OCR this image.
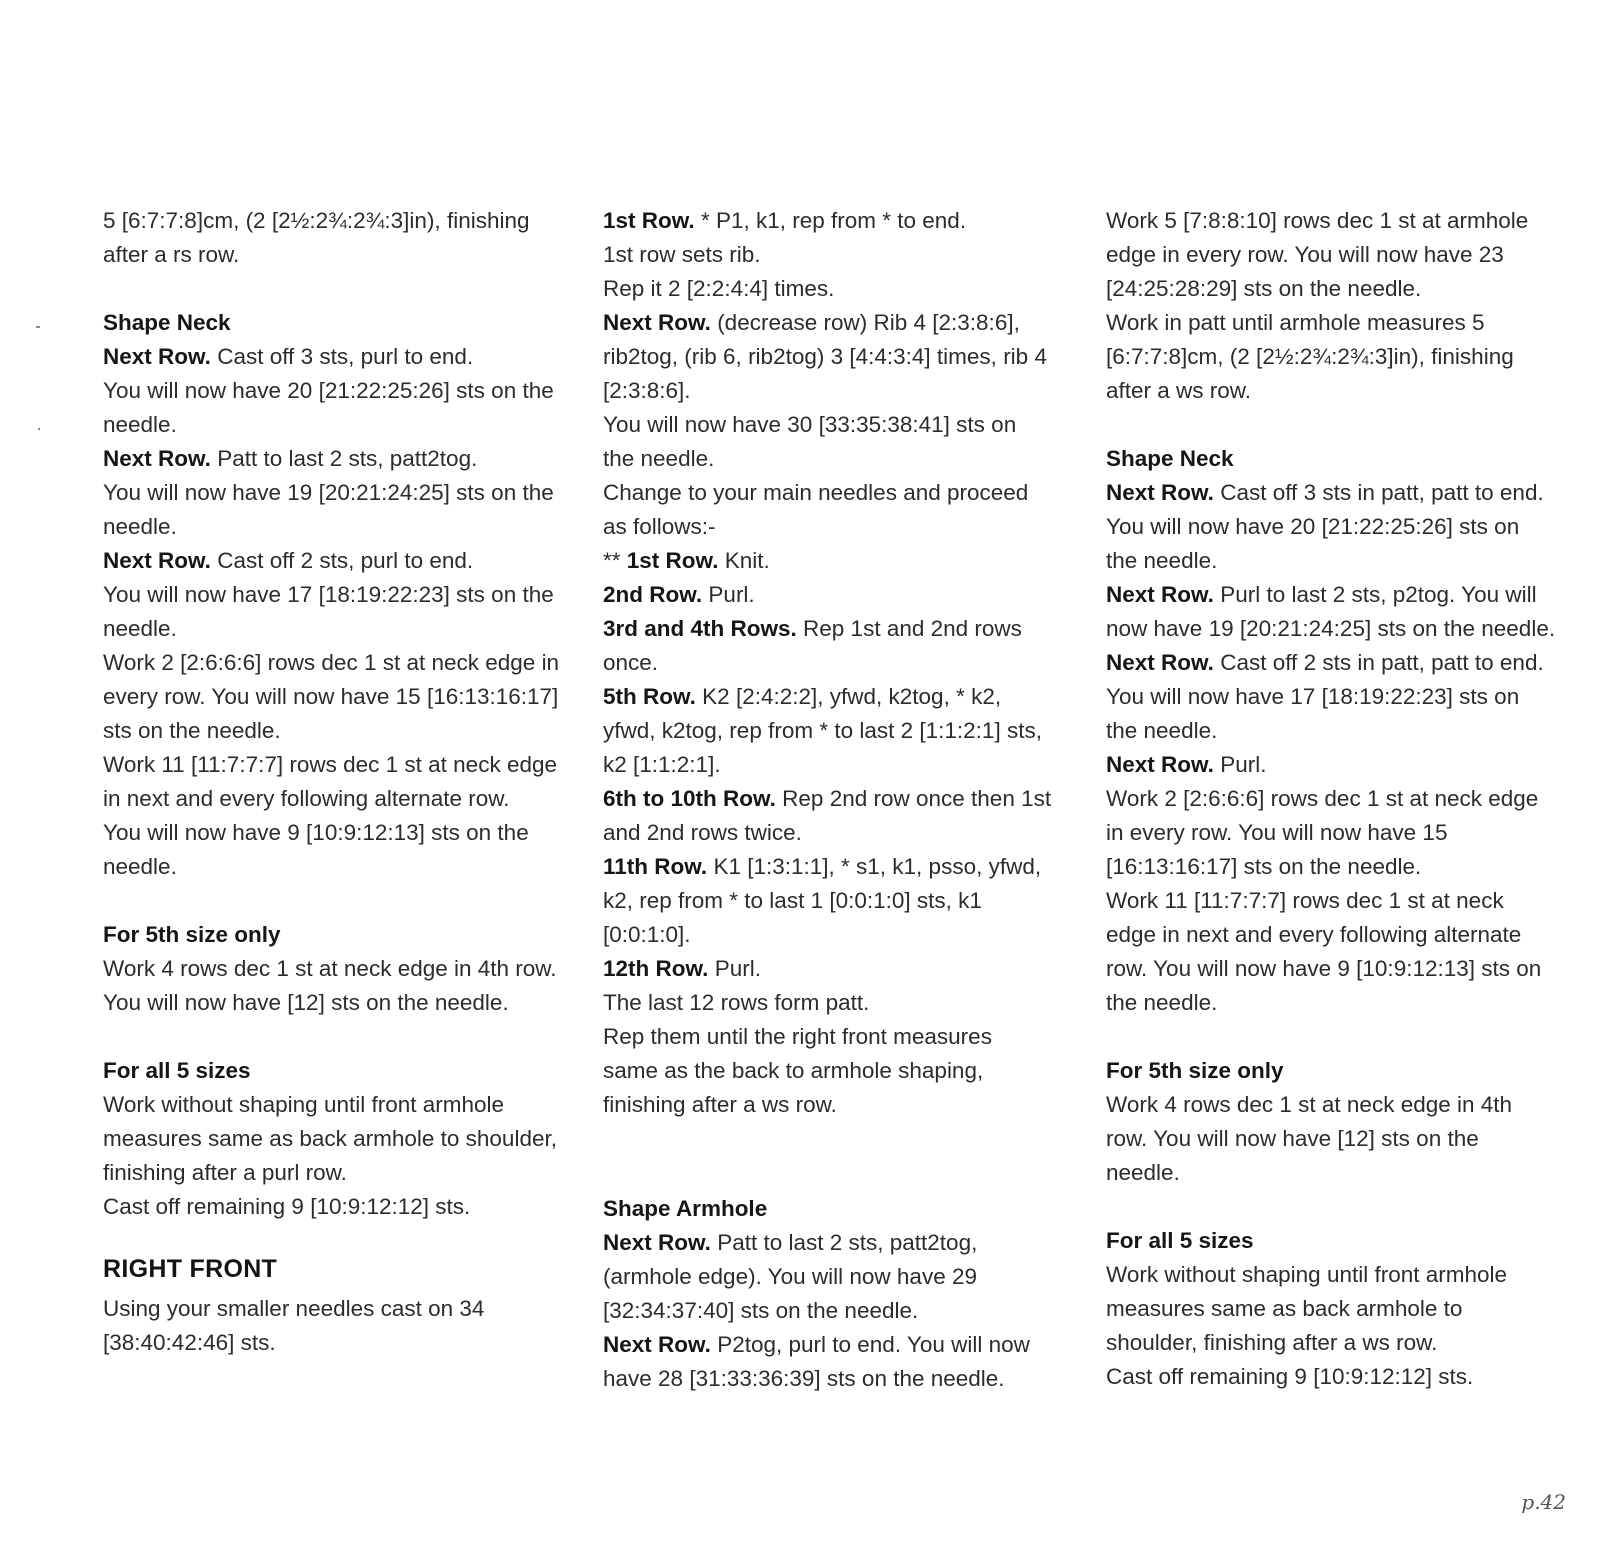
5 [6:7:7:8]cm, (2 [2½:2¾:2¾:3]in), finishing after a rs row.

Shape Neck

Next Row. Cast off 3 sts, purl to end.

You will now have 20 [21:22:25:26] sts on the needle.

Next Row. Patt to last 2 sts, patt2tog.

You will now have 19 [20:21:24:25] sts on the needle.

Next Row. Cast off 2 sts, purl to end.

You will now have 17 [18:19:22:23] sts on the needle.

Work 2 [2:6:6:6] rows dec 1 st at neck edge in every row. You will now have 15 [16:13:16:17] sts on the needle.

Work 11 [11:7:7:7] rows dec 1 st at neck edge in next and every following alternate row.

You will now have 9 [10:9:12:13] sts on the needle.

For 5th size only

Work 4 rows dec 1 st at neck edge in 4th row. You will now have [12] sts on the needle.

For all 5 sizes

Work without shaping until front armhole measures same as back armhole to shoulder, finishing after a purl row.

Cast off remaining 9 [10:9:12:12] sts.

RIGHT FRONT

Using your smaller needles cast on 34 [38:40:42:46] sts.

1st Row. * P1, k1, rep from * to end.

1st row sets rib.

Rep it 2 [2:2:4:4] times.

Next Row. (decrease row) Rib 4 [2:3:8:6], rib2tog, (rib 6, rib2tog) 3 [4:4:3:4] times, rib 4 [2:3:8:6].

You will now have 30 [33:35:38:41] sts on the needle.

Change to your main needles and proceed as follows:-

** 1st Row. Knit.

2nd Row. Purl.

3rd and 4th Rows. Rep 1st and 2nd rows once.

5th Row. K2 [2:4:2:2], yfwd, k2tog, * k2, yfwd, k2tog, rep from * to last 2 [1:1:2:1] sts, k2 [1:1:2:1].

6th to 10th Row. Rep 2nd row once then 1st and 2nd rows twice.

11th Row. K1 [1:3:1:1], * s1, k1, psso, yfwd, k2, rep from * to last 1 [0:0:1:0] sts, k1 [0:0:1:0].

12th Row. Purl.

The last 12 rows form patt.

Rep them until the right front measures same as the back to armhole shaping, finishing after a ws row.

Shape Armhole

Next Row. Patt to last 2 sts, patt2tog, (armhole edge). You will now have 29 [32:34:37:40] sts on the needle.

Next Row. P2tog, purl to end. You will now have 28 [31:33:36:39] sts on the needle.

Work 5 [7:8:8:10] rows dec 1 st at armhole edge in every row. You will now have 23 [24:25:28:29] sts on the needle.

Work in patt until armhole measures 5 [6:7:7:8]cm, (2 [2½:2¾:2¾:3]in), finishing after a ws row.

Shape Neck

Next Row. Cast off 3 sts in patt, patt to end. You will now have 20 [21:22:25:26] sts on the needle.

Next Row. Purl to last 2 sts, p2tog. You will now have 19 [20:21:24:25] sts on the needle.

Next Row. Cast off 2 sts in patt, patt to end. You will now have 17 [18:19:22:23] sts on the needle.

Next Row. Purl.

Work 2 [2:6:6:6] rows dec 1 st at neck edge in every row. You will now have 15 [16:13:16:17] sts on the needle.

Work 11 [11:7:7:7] rows dec 1 st at neck edge in next and every following alternate row. You will now have 9 [10:9:12:13] sts on the needle.

For 5th size only

Work 4 rows dec 1 st at neck edge in 4th row. You will now have [12] sts on the needle.

For all 5 sizes

Work without shaping until front armhole measures same as back armhole to shoulder, finishing after a ws row.

Cast off remaining 9 [10:9:12:12] sts.

p.42
